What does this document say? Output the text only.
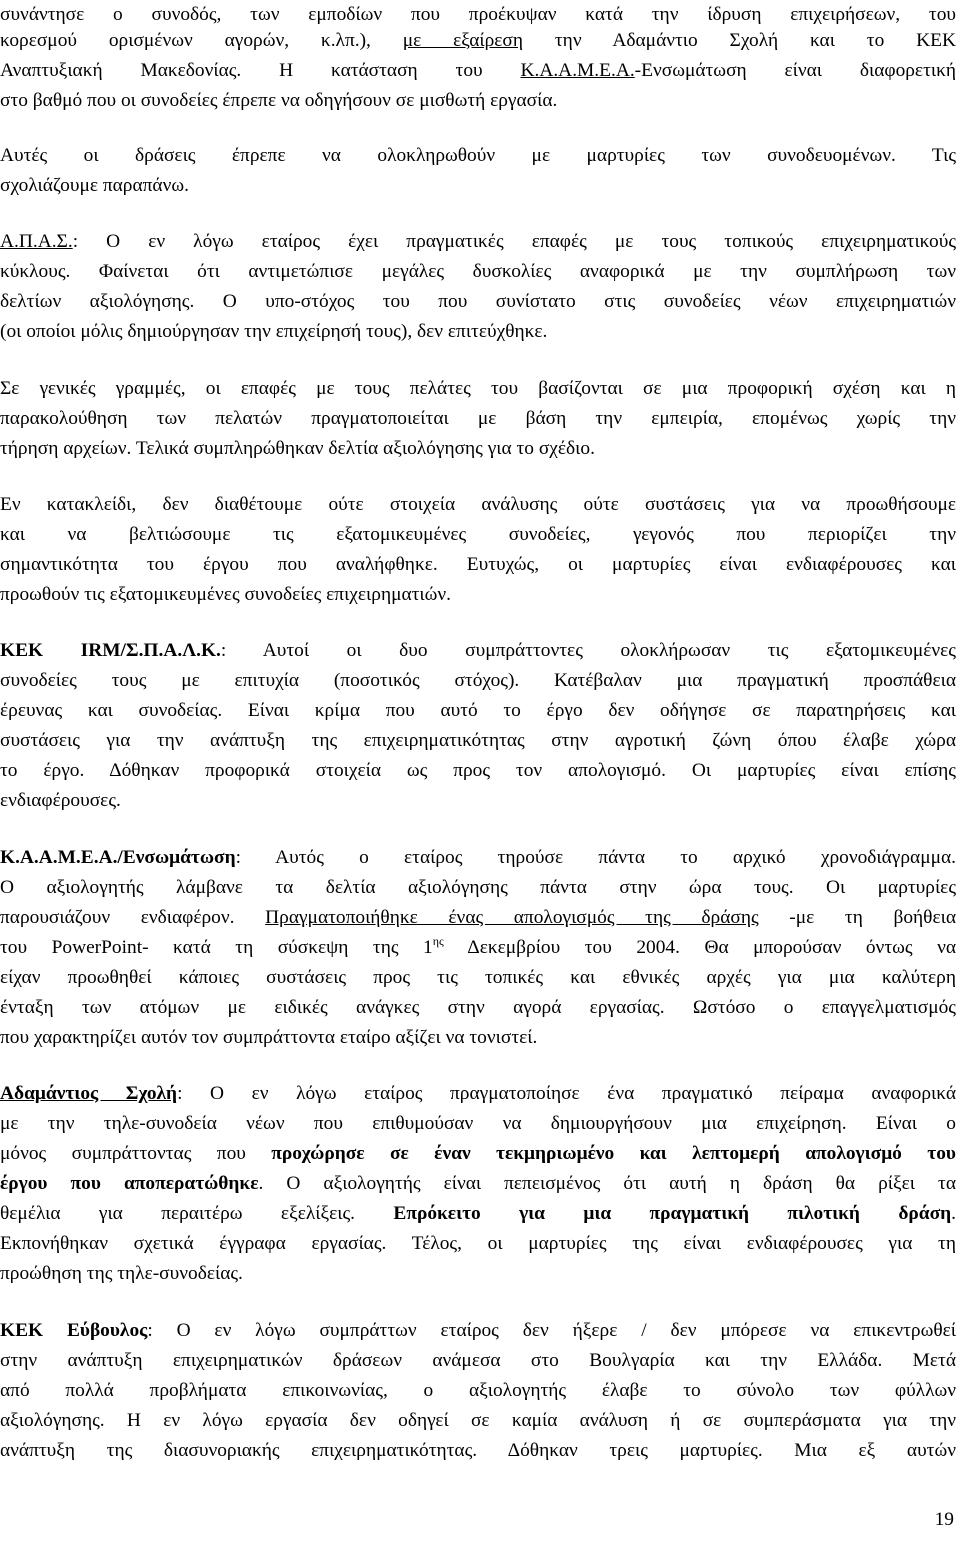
συνάντησε ο συνοδός, των εμποδίων που προέκυψαν κατά την ίδρυση επιχειρήσεων, του
κορεσμού ορισμένων αγορών, κ.λπ.), με εξαίρεση την Αδαμάντιο Σχολή και το ΚΕΚ
Αναπτυξιακή Μακεδονίας. Η κατάσταση του Κ.Α.Α.Μ.Ε.Α.-Ενσωμάτωση είναι διαφορετική
στο βαθμό που οι συνοδείες έπρεπε να οδηγήσουν σε μισθωτή εργασία.
Αυτές οι δράσεις έπρεπε να ολοκληρωθούν με μαρτυρίες των συνοδευομένων. Τις
σχολιάζουμε παραπάνω.
Α.Π.Α.Σ.: Ο εν λόγω εταίρος έχει πραγματικές επαφές με τους τοπικούς επιχειρηματικούς
κύκλους. Φαίνεται ότι αντιμετώπισε μεγάλες δυσκολίες αναφορικά με την συμπλήρωση των
δελτίων αξιολόγησης. Ο υπο-στόχος του που συνίστατο στις συνοδείες νέων επιχειρηματιών
(οι οποίοι μόλις δημιούργησαν την επιχείρησή τους), δεν επιτεύχθηκε.
Σε γενικές γραμμές, οι επαφές με τους πελάτες του βασίζονται σε μια προφορική σχέση και η
παρακολούθηση των πελατών πραγματοποιείται με βάση την εμπειρία, επομένως χωρίς την
τήρηση αρχείων. Τελικά συμπληρώθηκαν δελτία αξιολόγησης για το σχέδιο.
Εν κατακλείδι, δεν διαθέτουμε ούτε στοιχεία ανάλυσης ούτε συστάσεις για να προωθήσουμε
και να βελτιώσουμε τις εξατομικευμένες συνοδείες, γεγονός που περιορίζει την
σημαντικότητα του έργου που αναλήφθηκε. Ευτυχώς, οι μαρτυρίες είναι ενδιαφέρουσες και
προωθούν τις εξατομικευμένες συνοδείες επιχειρηματιών.
ΚΕΚ IRM/Σ.Π.Α.Λ.Κ.: Αυτοί οι δυο συμπράττοντες ολοκλήρωσαν τις εξατομικευμένες
συνοδείες τους με επιτυχία (ποσοτικός στόχος). Κατέβαλαν μια πραγματική προσπάθεια
έρευνας και συνοδείας. Είναι κρίμα που αυτό το έργο δεν οδήγησε σε παρατηρήσεις και
συστάσεις για την ανάπτυξη της επιχειρηματικότητας στην αγροτική ζώνη όπου έλαβε χώρα
το έργο. Δόθηκαν προφορικά στοιχεία ως προς τον απολογισμό. Οι μαρτυρίες είναι επίσης
ενδιαφέρουσες.
Κ.Α.Α.Μ.Ε.Α./Ενσωμάτωση: Αυτός ο εταίρος τηρούσε πάντα το αρχικό χρονοδιάγραμμα.
Ο αξιολογητής λάμβανε τα δελτία αξιολόγησης πάντα στην ώρα τους. Οι μαρτυρίες
παρουσιάζουν ενδιαφέρον. Πραγματοποιήθηκε ένας απολογισμός της δράσης -με τη βοήθεια
του PowerPoint- κατά τη σύσκεψη της $1^{\eta\varsigma}$ Δεκεμβρίου του 2004. Θα μπορούσαν όντως να
είχαν προωθηθεί κάποιες συστάσεις προς τις τοπικές και εθνικές αρχές για μια καλύτερη
ένταξη των ατόμων με ειδικές ανάγκες στην αγορά εργασίας. Ωστόσο ο επαγγελματισμός
που χαρακτηρίζει αυτόν τον συμπράττοντα εταίρο αξίζει να τονιστεί.
Αδαμάντιος Σχολή: Ο εν λόγω εταίρος πραγματοποίησε ένα πραγματικό πείραμα αναφορικά
με την τηλε-συνοδεία νέων που επιθυμούσαν να δημιουργήσουν μια επιχείρηση. Είναι ο
μόνος συμπράττοντας που προχώρησε σε έναν τεκμηριωμένο και λεπτομερή απολογισμό του
έργου που αποπερατώθηκε. Ο αξιολογητής είναι πεπεισμένος ότι αυτή η δράση θα ρίξει τα
θεμέλια για περαιτέρω εξελίξεις. Επρόκειτο για μια πραγματική πιλοτική δράση.
Εκπονήθηκαν σχετικά έγγραφα εργασίας. Τέλος, οι μαρτυρίες της είναι ενδιαφέρουσες για τη
προώθηση της τηλε-συνοδείας.
ΚΕΚ Εύβουλος: Ο εν λόγω συμπράττων εταίρος δεν ήξερε / δεν μπόρεσε να επικεντρωθεί
στην ανάπτυξη επιχειρηματικών δράσεων ανάμεσα στο Βουλγαρία και την Ελλάδα. Μετά
από πολλά προβλήματα επικοινωνίας, ο αξιολογητής έλαβε το σύνολο των φύλλων
αξιολόγησης. Η εν λόγω εργασία δεν οδηγεί σε καμία ανάλυση ή σε συμπεράσματα για την
ανάπτυξη της διασυνοριακής επιχειρηματικότητας. Δόθηκαν τρεις μαρτυρίες. Μια εξ αυτών
19
